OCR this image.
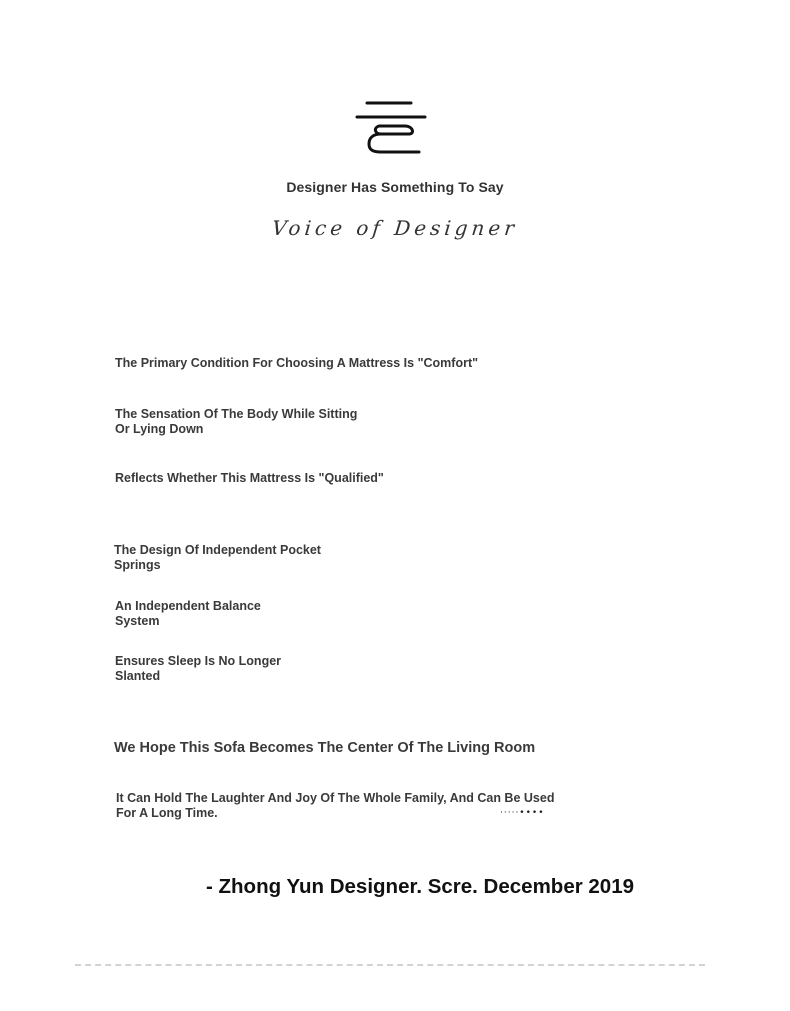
Designer Has Something To Say
Voice of Designer
The Primary Condition For Choosing A Mattress Is "Comfort"
The Sensation Of The Body While Sitting
Or Lying Down
Reflects Whether This Mattress Is "Qualified"
The Design Of Independent Pocket
Springs
An Independent Balance
System
Ensures Sleep Is No Longer
Slanted
We Hope This Sofa Becomes The Center Of The Living Room
It Can Hold The Laughter And Joy Of The Whole Family, And Can Be Used
For A Long Time.	·····••••
- Zhong Yun Designer. Scre. December 2019
